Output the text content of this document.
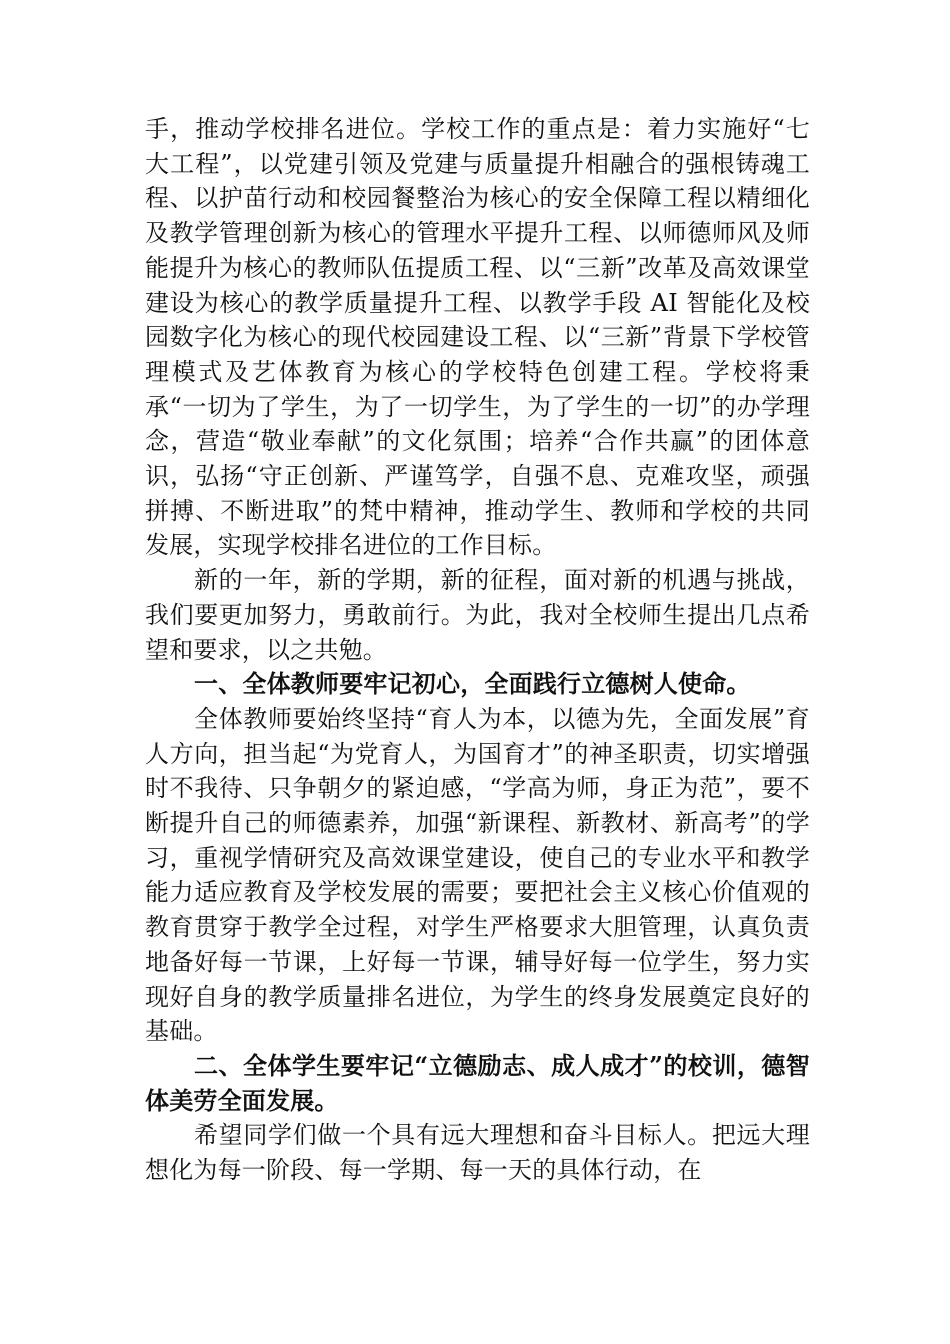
手，推动学校排名进位。学校工作的重点是：着力实施好“七大工程”，以党建引领及党建与质量提升相融合的强根铸魂工程、以护苗行动和校园餐整治为核心的安全保障工程以精细化及教学管理创新为核心的管理水平提升工程、以师德师风及师能提升为核心的教师队伍提质工程、以“三新”改革及高效课堂建设为核心的教学质量提升工程、以教学手段 AI 智能化及校园数字化为核心的现代校园建设工程、以“三新”背景下学校管理模式及艺体教育为核心的学校特色创建工程。学校将秉承“一切为了学生，为了一切学生，为了学生的一切”的办学理念，营造“敬业奉献”的文化氛围；培养“合作共赢”的团体意识，弘扬“守正创新、严谨笃学，自强不息、克难攻坚，顽强拼搏、不断进取”的梵中精神，推动学生、教师和学校的共同发展，实现学校排名进位的工作目标。

新的一年，新的学期，新的征程，面对新的机遇与挑战，我们要更加努力，勇敢前行。为此，我对全校师生提出几点希望和要求，以之共勉。

一、全体教师要牢记初心，全面践行立德树人使命。

全体教师要始终坚持“育人为本，以德为先，全面发展”育人方向，担当起“为党育人，为国育才”的神圣职责，切实增强时不我待、只争朝夕的紧迫感，“学高为师，身正为范”，要不断提升自己的师德素养，加强“新课程、新教材、新高考”的学习，重视学情研究及高效课堂建设，使自己的专业水平和教学能力适应教育及学校发展的需要；要把社会主义核心价值观的教育贯穿于教学全过程，对学生严格要求大胆管理，认真负责地备好每一节课，上好每一节课，辅导好每一位学生，努力实现好自身的教学质量排名进位，为学生的终身发展奠定良好的基础。

二、全体学生要牢记“立德励志、成人成才”的校训，德智体美劳全面发展。

希望同学们做一个具有远大理想和奋斗目标人。把远大理想化为每一阶段、每一学期、每一天的具体行动，在
